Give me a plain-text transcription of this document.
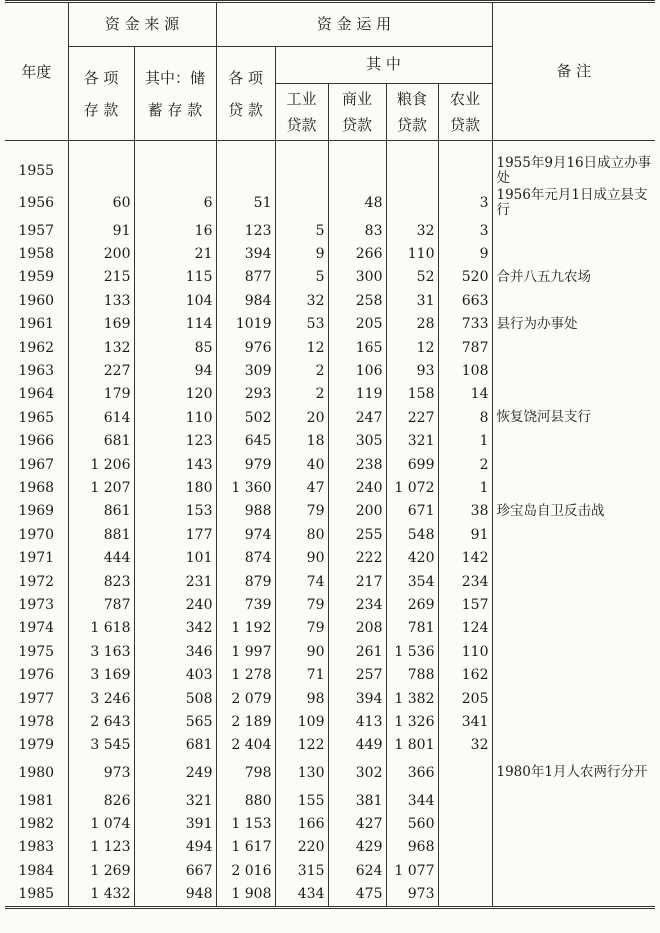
年度	资 金 来 源		资 金 运 用					备 注
	各 项 存 款	其中：储 蓄 存 款	各 项 贷 款	其 中				
				工业 贷款	商业 贷款	粮食 贷款	农业 贷款	

1955								1955年9月16日成立办事处
1956	60	6	51		48		3	1956年元月1日成立县支行
1957	91	16	123	5	83	32	3	
1958	200	21	394	9	266	110	9	
1959	215	115	877	5	300	52	520	合并八五九农场
1960	133	104	984	32	258	31	663	
1961	169	114	1019	53	205	28	733	县行为办事处
1962	132	85	976	12	165	12	787	
1963	227	94	309	2	106	93	108	
1964	179	120	293	2	119	158	14	
1965	614	110	502	20	247	227	8	恢复饶河县支行
1966	681	123	645	18	305	321	1	
1967	1 206	143	979	40	238	699	2	
1968	1 207	180	1 360	47	240	1 072	1	
1969	861	153	988	79	200	671	38	珍宝岛自卫反击战
1970	881	177	974	80	255	548	91	
1971	444	101	874	90	222	420	142	
1972	823	231	879	74	217	354	234	
1973	787	240	739	79	234	269	157	
1974	1 618	342	1 192	79	208	781	124	
1975	3 163	346	1 997	90	261	1 536	110	
1976	3 169	403	1 278	71	257	788	162	
1977	3 246	508	2 079	98	394	1 382	205	
1978	2 643	565	2 189	109	413	1 326	341	
1979	3 545	681	2 404	122	449	1 801	32	
1980	973	249	798	130	302	366		1980年1月人农两行分开
1981	826	321	880	155	381	344		
1982	1 074	391	1 153	166	427	560		
1983	1 123	494	1 617	220	429	968		
1984	1 269	667	2 016	315	624	1 077		
1985	1 432	948	1 908	434	475	973		
